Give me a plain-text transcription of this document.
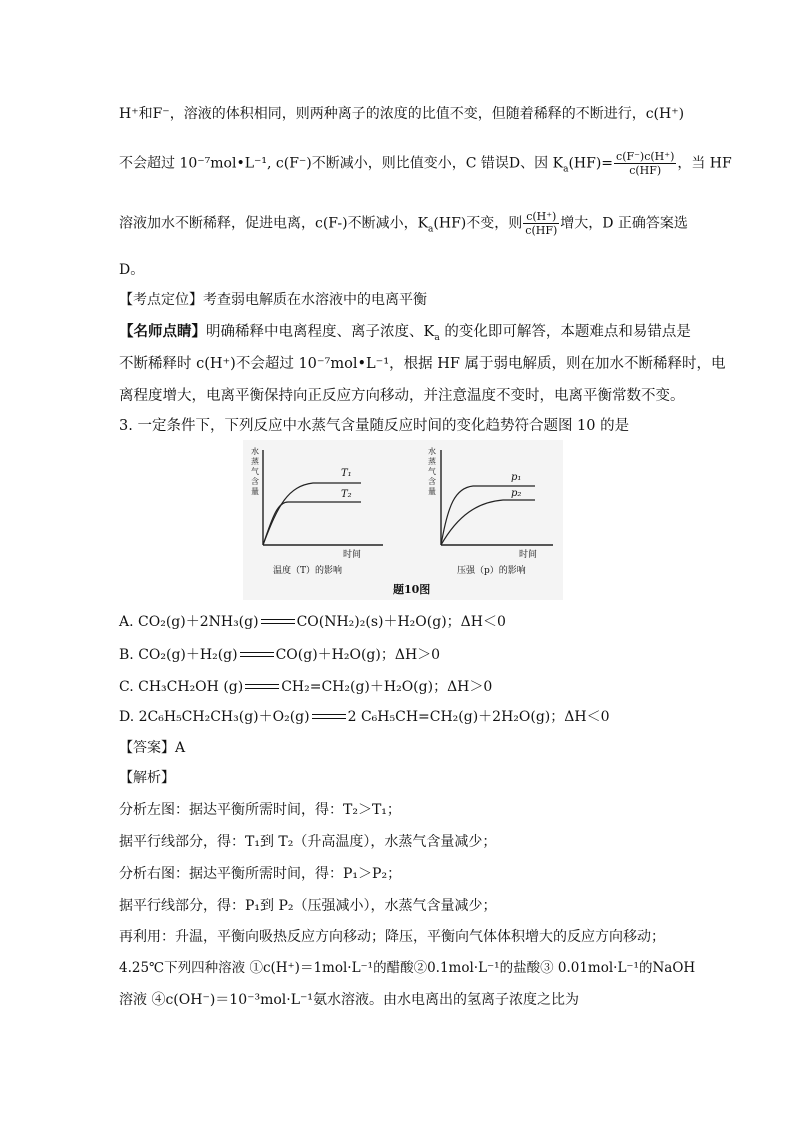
H⁺和F⁻，溶液的体积相同，则两种离子的浓度的比值不变，但随着稀释的不断进行，c(H⁺)
不会超过 10⁻⁷mol•L⁻¹, c(F⁻)不断减小，则比值变小，C 错误D、因 $K_a(HF)= \frac{c(F^-)c(H^+)}{c(HF)}$ ，当 HF
溶液加水不断稀释，促进电离，c(F-)不断减小，$K_a(HF)$不变，则 $\frac{c(H^+)}{c(HF)}$ 增大，D 正确答案选
D。
【考点定位】考查弱电解质在水溶液中的电离平衡
【名师点睛】明确稀释中电离程度、离子浓度、$K_a$ 的变化即可解答，本题难点和易错点是
不断稀释时 c(H⁺)不会超过 10⁻⁷mol•L⁻¹，根据 HF 属于弱电解质，则在加水不断稀释时，电
离程度增大，电离平衡保持向正反应方向移动，并注意温度不变时，电离平衡常数不变。
3. 一定条件下，下列反应中水蒸气含量随反应时间的变化趋势符合题图 10 的是
水
蒸
气
含
量
T₁
T₂
时间
温度（T）的影响
水
蒸
气
含
量
p₁
p₂
时间
压强（p）的影响
题10图
A. CO₂(g)＋2NH₃(g)	CO(NH₂)₂(s)＋H₂O(g)；ΔH＜0
B. CO₂(g)＋H₂(g)	CO(g)＋H₂O(g)；ΔH＞0
C. CH₃CH₂OH (g)	CH₂=CH₂(g)＋H₂O(g)；ΔH＞0
D. 2C₆H₅CH₂CH₃(g)＋O₂(g)	2 C₆H₅CH=CH₂(g)＋2H₂O(g)；ΔH＜0
【答案】A
【解析】
分析左图：据达平衡所需时间，得：T₂＞T₁；
据平行线部分，得：T₁到 T₂（升高温度），水蒸气含量减少；
分析右图：据达平衡所需时间，得：P₁＞P₂；
据平行线部分，得：P₁到 P₂（压强减小），水蒸气含量减少；
再利用：升温，平衡向吸热反应方向移动；降压，平衡向气体体积增大的反应方向移动；
4.25℃下列四种溶液 ①c(H⁺)＝1mol·L⁻¹的醋酸②0.1mol·L⁻¹的盐酸③ 0.01mol·L⁻¹的NaOH
溶液 ④c(OH⁻)＝10⁻³mol·L⁻¹氨水溶液。由水电离出的氢离子浓度之比为
